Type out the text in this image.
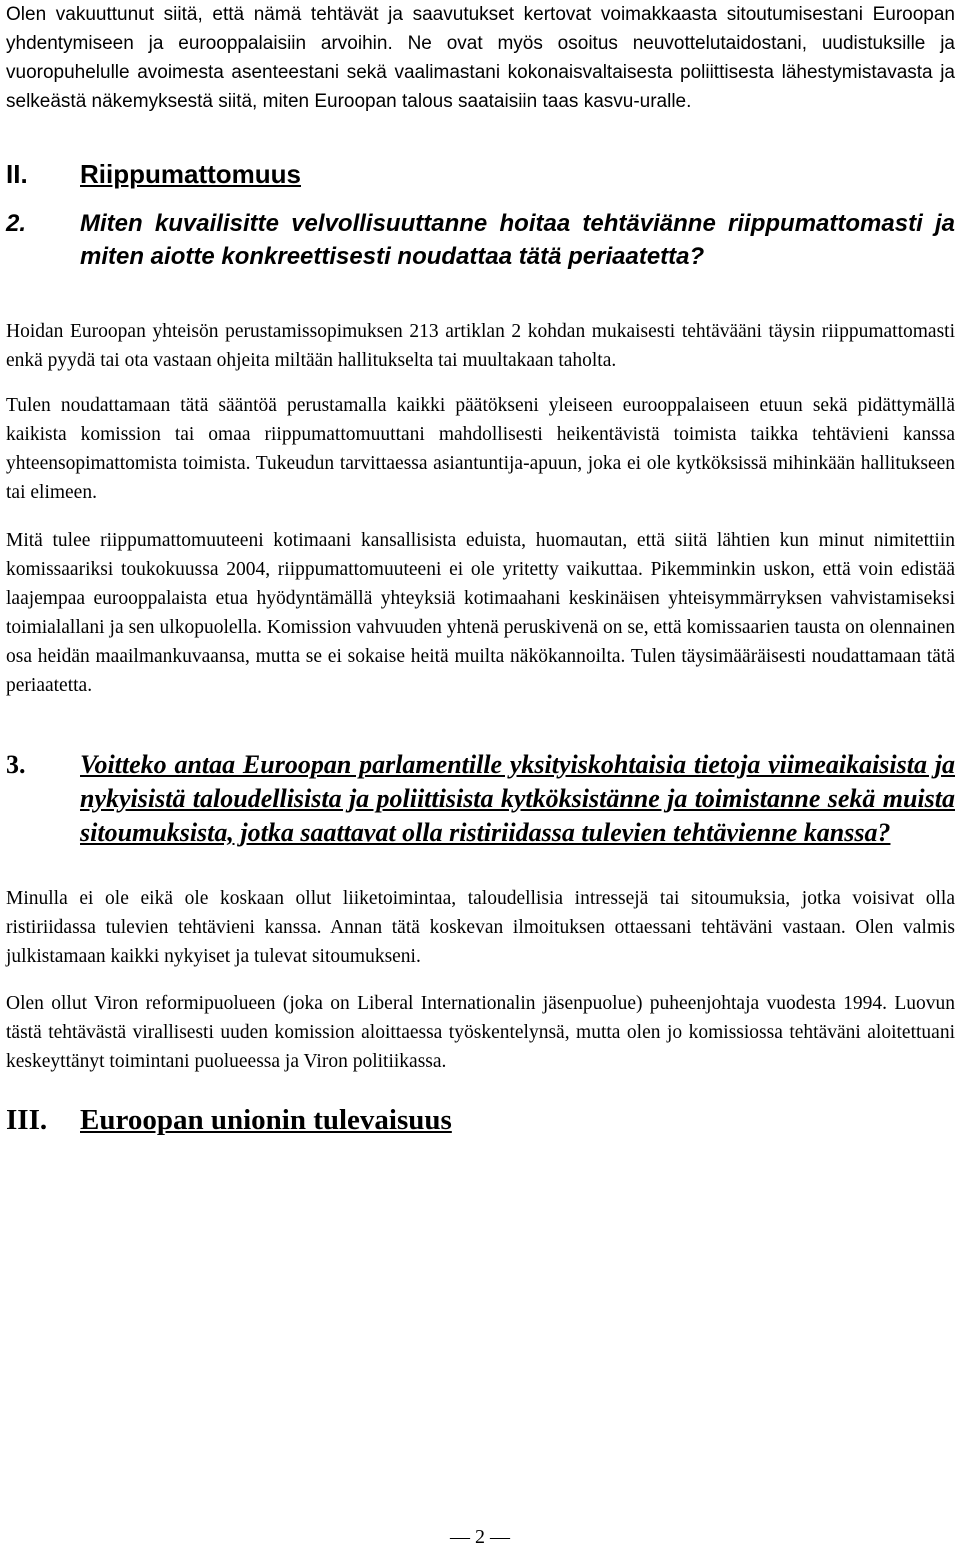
Olen vakuuttunut siitä, että nämä tehtävät ja saavutukset kertovat voimakkaasta sitoutumisestani Euroopan yhdentymiseen ja eurooppalaisiin arvoihin. Ne ovat myös osoitus neuvottelutaidostani, uudistuksille ja vuoropuhelulle avoimesta asenteestani sekä vaalimastani kokonaisvaltaisesta poliittisesta lähestymistavasta ja selkeästä näkemyksestä siitä, miten Euroopan talous saataisiin taas kasvu-uralle.

II.	Riippumattomuus
2.	Miten kuvailisitte velvollisuuttanne hoitaa tehtäviänne riippumattomasti ja miten aiotte konkreettisesti noudattaa tätä periaatetta?

Hoidan Euroopan yhteisön perustamissopimuksen 213 artiklan 2 kohdan mukaisesti tehtävääni täysin riippumattomasti enkä pyydä tai ota vastaan ohjeita miltään hallitukselta tai muultakaan taholta.

Tulen noudattamaan tätä sääntöä perustamalla kaikki päätökseni yleiseen eurooppalaiseen etuun sekä pidättymällä kaikista komission tai omaa riippumattomuuttani mahdollisesti heikentävistä toimista taikka tehtävieni kanssa yhteensopimattomista toimista. Tukeudun tarvittaessa asiantuntija-apuun, joka ei ole kytköksissä mihinkään hallitukseen tai elimeen.

Mitä tulee riippumattomuuteeni kotimaani kansallisista eduista, huomautan, että siitä lähtien kun minut nimitettiin komissaariksi toukokuussa 2004, riippumattomuuteeni ei ole yritetty vaikuttaa. Pikemminkin uskon, että voin edistää laajempaa eurooppalaista etua hyödyntämällä yhteyksiä kotimaahani keskinäisen yhteisymmärryksen vahvistamiseksi toimialallani ja sen ulkopuolella. Komission vahvuuden yhtenä peruskivenä on se, että komissaarien tausta on olennainen osa heidän maailmankuvaansa, mutta se ei sokaise heitä muilta näkökannoilta. Tulen täysimääräisesti noudattamaan tätä periaatetta.

3.	Voitteko antaa Euroopan parlamentille yksityiskohtaisia tietoja viimeaikaisista ja nykyisistä taloudellisista ja poliittisista kytköksistänne ja toimistanne sekä muista sitoumuksista, jotka saattavat olla ristiriidassa tulevien tehtävienne kanssa?

Minulla ei ole eikä ole koskaan ollut liiketoimintaa, taloudellisia intressejä tai sitoumuksia, jotka voisivat olla ristiriidassa tulevien tehtävieni kanssa. Annan tätä koskevan ilmoituksen ottaessani tehtäväni vastaan. Olen valmis julkistamaan kaikki nykyiset ja tulevat sitoumukseni.

Olen ollut Viron reformipuolueen (joka on Liberal Internationalin jäsenpuolue) puheenjohtaja vuodesta 1994. Luovun tästä tehtävästä virallisesti uuden komission aloittaessa työskentelynsä, mutta olen jo komissiossa tehtäväni aloitettuani keskeyttänyt toimintani puolueessa ja Viron politiikassa.

III.	Euroopan unionin tulevaisuus
— 2 —
